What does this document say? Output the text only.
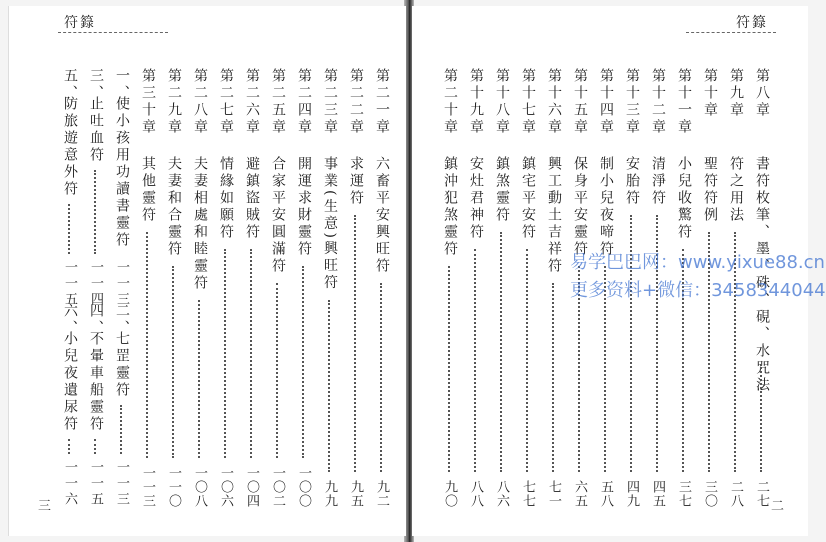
符籙
第二一章
六畜平安興旺符
九二
第二二章
求運符
九五
第二三章
事業(生意)興旺符
九九
第二四章
開運求財靈符
一〇〇
第二五章
合家平安圓滿符
一〇二
第二六章
避鎮盜賊符
一〇四
第二七章
情緣如願符
一〇六
第二八章
夫妻相處和睦靈符
一〇八
第二九章
夫妻和合靈符
一一〇
第三十章
其他靈符
一一三
一、
使小孩用功讀書靈符
一一三
二、
七罡靈符
一一三
三、
止吐血符
一一四
四、
不暈車船靈符
一一五
五、
防旅遊意外符
一一五
六、
小兒夜遺尿符
一一六
三
符籙
第八章
書符枚筆、墨、硃、硯、水咒法
二七
第九章
符之用法
二八
第十章
聖符符例
三〇
第十一章
小兒收驚符
三七
第十二章
清淨符
四五
第十三章
安胎符
四九
第十四章
制小兒夜啼符
五八
第十五章
保身平安靈符
六五
第十六章
興工動土吉祥符
七一
第十七章
鎮宅平安符
七七
第十八章
鎮煞靈符
八六
第十九章
安灶君神符
八八
第二十章
鎮沖犯煞靈符
九〇	二
易学巴巴网：www.yixue88.cn
更多资料+微信：3458344044
